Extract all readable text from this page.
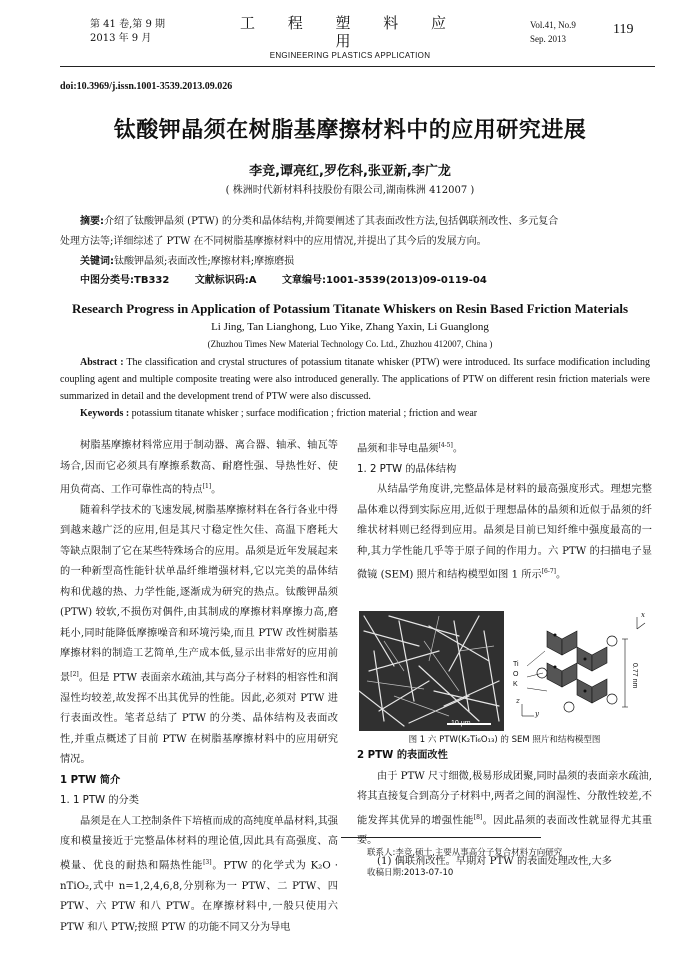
第 41 卷,第 9 期
2013 年 9 月
工 程 塑 料 应 用
ENGINEERING PLASTICS APPLICATION
Vol.41, No.9
Sep. 2013
119
doi:10.3969/j.issn.1001-3539.2013.09.026
钛酸钾晶须在树脂基摩擦材料中的应用研究进展
李竞,谭亮红,罗仡科,张亚新,李广龙
( 株洲时代新材料科技股份有限公司,湖南株洲 412007 )
摘要:介绍了钛酸钾晶须 (PTW) 的分类和晶体结构,并简要阐述了其表面改性方法,包括偶联剂改性、多元复合
处理方法等;详细综述了 PTW 在不同树脂基摩擦材料中的应用情况,并提出了其今后的发展方向。
关键词:钛酸钾晶须;表面改性;摩擦材料;摩擦磨损
中图分类号:TB332	文献标识码:A	文章编号:1001-3539(2013)09-0119-04
Research Progress in Application of Potassium Titanate Whiskers on Resin Based Friction Materials
Li Jing, Tan Lianghong, Luo Yike, Zhang Yaxin, Li Guanglong
(Zhuzhou Times New Material Technology Co. Ltd., Zhuzhou 412007, China )
Abstract : The classification and crystal structures of potassium titanate whisker (PTW) were introduced. Its surface modification including coupling agent and multiple composite treating were also introduced generally. The applications of PTW on different resin friction materials were summarized in detail and the development trend of PTW were also discussed.
Keywords : potassium titanate whisker ; surface modification ; friction material ; friction and wear

树脂基摩擦材料常应用于制动器、离合器、轴承、轴瓦等场合,因而它必须具有摩擦系数高、耐磨性强、导热性好、使用负荷高、工作可靠性高的特点[1]。

随着科学技术的飞速发展,树脂基摩擦材料在各行各业中得到越来越广泛的应用,但是其尺寸稳定性欠佳、高温下磨耗大等缺点限制了它在某些特殊场合的应用。晶须是近年发展起来的一种新型高性能针状单晶纤维增强材料,它以完美的晶体结构和优越的热、力学性能,逐渐成为研究的热点。钛酸钾晶须 (PTW) 较软,不损伤对偶件,由其制成的摩擦材料摩擦力高,磨耗小,同时能降低摩擦噪音和环境污染,而且 PTW 改性树脂基摩擦材料的制造工艺简单,生产成本低,显示出非常好的应用前景[2]。但是 PTW 表面亲水疏油,其与高分子材料的相容性和润湿性均较差,故发挥不出其优异的性能。因此,必须对 PTW 进行表面改性。笔者总结了 PTW 的分类、晶体结构及表面改性,并重点概述了目前 PTW 在树脂基摩擦材料中的应用研究情况。

1 PTW 简介

1. 1 PTW 的分类

晶须是在人工控制条件下培植而成的高纯度单晶材料,其强度和模量接近于完整晶体材料的理论值,因此具有高强度、高模量、优良的耐热和隔热性能[3]。PTW 的化学式为 K₂O · nTiO₂,式中 n=1,2,4,6,8,分别称为一 PTW、二 PTW、四 PTW、六 PTW 和八 PTW。在摩擦材料中,一般只使用六 PTW 和八 PTW;按照 PTW 的功能不同又分为导电

晶须和非导电晶须[4-5]。

1. 2 PTW 的晶体结构

从结晶学角度讲,完整晶体是材料的最高强度形式。理想完整晶体难以得到实际应用,近似于理想晶体的晶须和近似于晶须的纤维状材料则已经得到应用。晶须是目前已知纤维中强度最高的一种,其力学性能几乎等于原子间的作用力。六 PTW 的扫描电子显微镜 (SEM) 照片和结构模型如图 1 所示[6-7]。

10 μm
Ti
O
K	0.77 nm
z
y
x
图 1 六 PTW(K₂Ti₆O₁₃) 的 SEM 照片和结构模型图

2 PTW 的表面改性

由于 PTW 尺寸细微,极易形成团聚,同时晶须的表面亲水疏油,将其直接复合到高分子材料中,两者之间的润湿性、分散性较差,不能发挥其优异的增强性能[8]。因此晶须的表面改性就显得尤其重要。

(1) 偶联剂改性。早期对 PTW 的表面处理改性,大多

联系人:李竞,硕士,主要从事高分子复合材料方向研究
收稿日期:2013-07-10
